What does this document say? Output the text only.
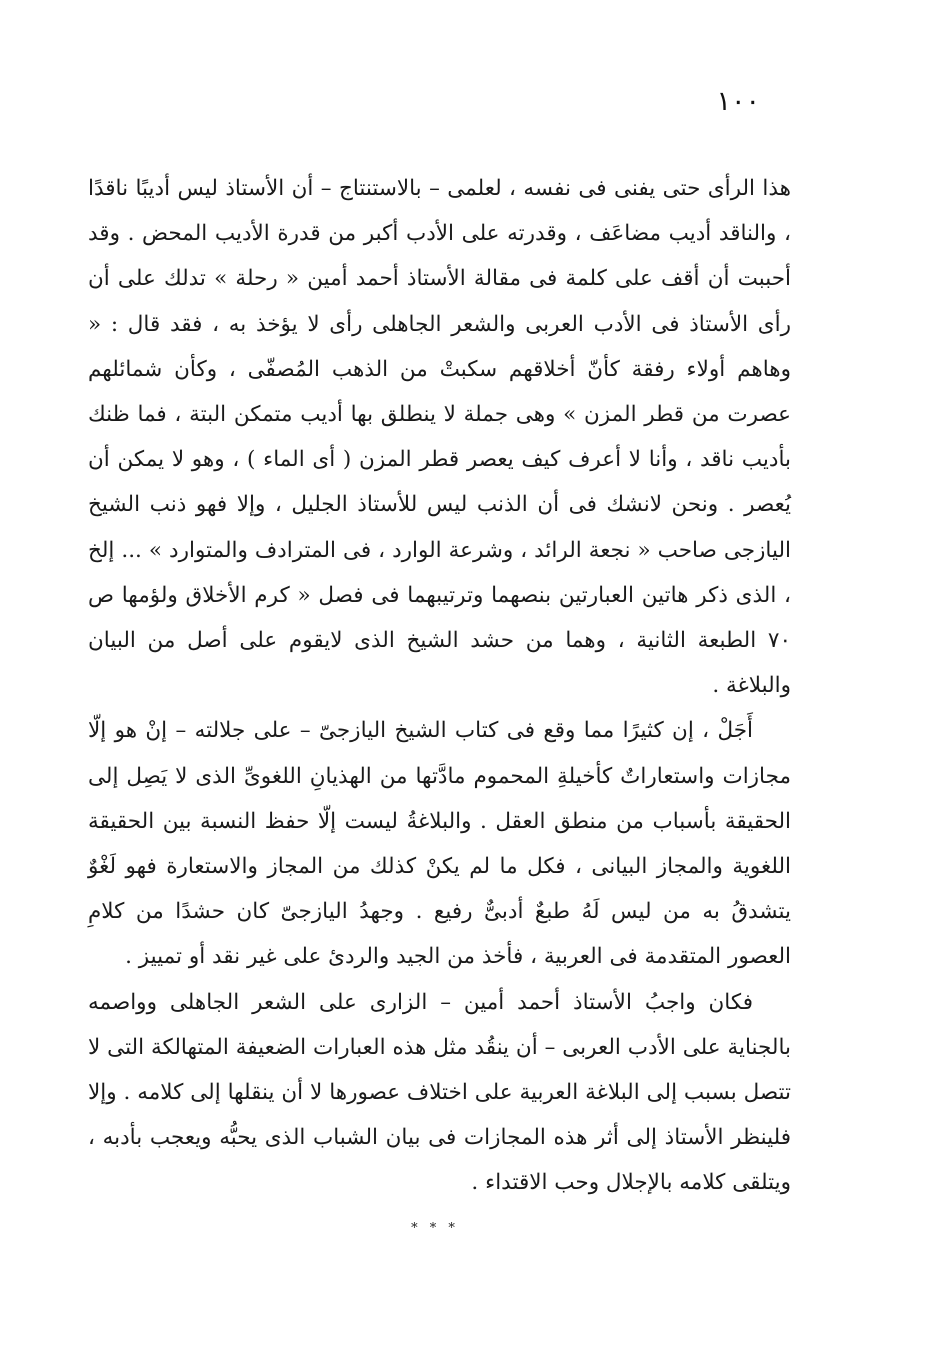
١٠٠

هذا الرأى حتى يفنى فى نفسه ، لعلمى – بالاستنتاج – أن الأستاذ ليس أديبًا ناقدًا ، والناقد أديب مضاعَف ، وقدرته على الأدب أكبر من قدرة الأديب المحض . وقد أحببت أن أقف على كلمة فى مقالة الأستاذ أحمد أمين « رحلة » تدلك على أن رأى الأستاذ فى الأدب العربى والشعر الجاهلى رأى لا يؤخذ به ، فقد قال : « وهاهم أولاء رفقة كأنّ أخلاقهم سكبتْ من الذهب المُصفّى ، وكأن شمائلهم عصرت من قطر المزن » وهى جملة لا ينطلق بها أديب متمكن البتة ، فما ظنك بأديب ناقد ، وأنا لا أعرف كيف يعصر قطر المزن ( أى الماء ) ، وهو لا يمكن أن يُعصر . ونحن لانشك فى أن الذنب ليس للأستاذ الجليل ، وإلا فهو ذنب الشيخ اليازجى صاحب « نجعة الرائد ، وشرعة الوارد ، فى المترادف والمتوارد » ... إلخ ، الذى ذكر هاتين العبارتين بنصهما وترتيبهما فى فصل « كرم الأخلاق ولؤمها ص ٧٠ الطبعة الثانية ، وهما من حشد الشيخ الذى لايقوم على أصل من البيان والبلاغة .

أَجَلْ ، إن كثيرًا مما وقع فى كتاب الشيخ اليازجىّ – على جلالته – إنْ هو إلّا مجازات واستعاراتٌ كأخيلةِ المحموم مادَّتها من الهذيانِ اللغوىِّ الذى لا يَصِل إلى الحقيقة بأسباب من منطق العقل . والبلاغةُ ليست إلّا حفظ النسبة بين الحقيقة اللغوية والمجاز البيانى ، فكل ما لم يكنْ كذلك من المجاز والاستعارة فهو لَغْوٌ يتشدقُ به من ليس لَهُ طبعٌ أدبىٌّ رفيع . وجهدُ اليازجىّ كان حشدًا من كلامِ العصور المتقدمة فى العربية ، فأخذ من الجيد والردئ على غير نقد أو تمييز .

فكان واجبُ الأستاذ أحمد أمين – الزارى على الشعر الجاهلى وواصمه بالجناية على الأدب العربى – أن ينقُد مثل هذه العبارات الضعيفة المتهالكة التى لا تتصل بسبب إلى البلاغة العربية على اختلاف عصورها لا أن ينقلها إلى كلامه . وإلا فلينظر الأستاذ إلى أثر هذه المجازات فى بيان الشباب الذى يحبُّه ويعجب بأدبه ، ويتلقى كلامه بالإجلال وحب الاقتداء .

* * *
